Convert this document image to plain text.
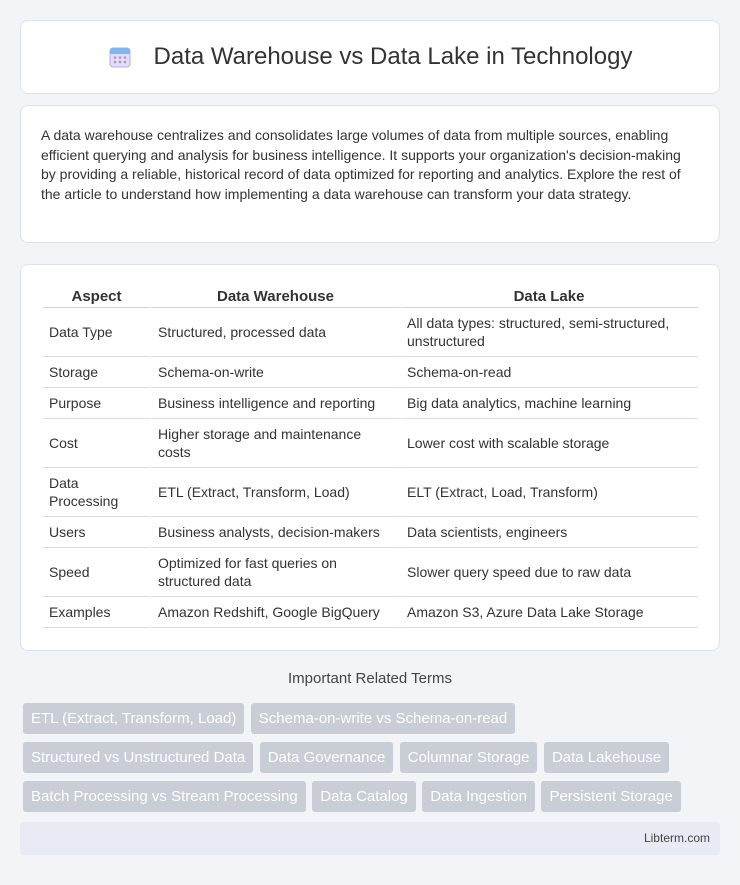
Data Warehouse vs Data Lake in Technology

A data warehouse centralizes and consolidates large volumes of data from multiple sources, enabling efficient querying and analysis for business intelligence. It supports your organization's decision-making by providing a reliable, historical record of data optimized for reporting and analytics. Explore the rest of the article to understand how implementing a data warehouse can transform your data strategy.

Aspect	Data Warehouse	Data Lake
Data Type	Structured, processed data	All data types: structured, semi-structured, unstructured
Storage	Schema-on-write	Schema-on-read
Purpose	Business intelligence and reporting	Big data analytics, machine learning
Cost	Higher storage and maintenance costs	Lower cost with scalable storage
Data Processing	ETL (Extract, Transform, Load)	ELT (Extract, Load, Transform)
Users	Business analysts, decision-makers	Data scientists, engineers
Speed	Optimized for fast queries on structured data	Slower query speed due to raw data
Examples	Amazon Redshift, Google BigQuery	Amazon S3, Azure Data Lake Storage
Important Related Terms
ETL (Extract, Transform, Load) Schema-on-write vs Schema-on-read Structured vs Unstructured Data Data Governance Columnar Storage Data Lakehouse Batch Processing vs Stream Processing Data Catalog Data Ingestion Persistent Storage
Libterm.com
